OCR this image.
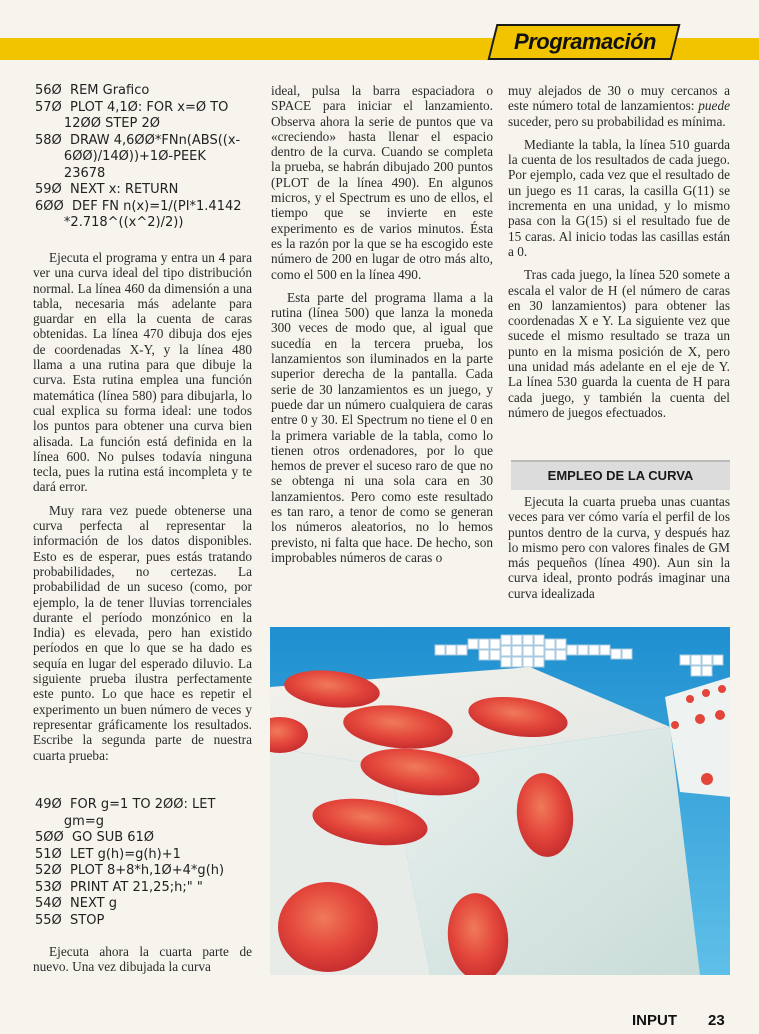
Programación
56Ø  REM Grafico
57Ø  PLOT 4,1Ø: FOR x=Ø TO
12ØØ STEP 2Ø
58Ø  DRAW 4,6ØØ*FNn(ABS((x-
6ØØ)/14Ø))+1Ø-PEEK
23678
59Ø  NEXT x: RETURN
6ØØ  DEF FN n(x)=1/(PI*1.4142
*2.718^((x^2)/2))

Ejecuta el programa y entra un 4 para ver una curva ideal del tipo distribución normal. La línea 460 da dimensión a una tabla, necesaria más adelante para guardar en ella la cuenta de caras obtenidas. La línea 470 dibuja dos ejes de coordenadas X-Y, y la línea 480 llama a una rutina para que dibuje la curva. Esta rutina emplea una función matemática (línea 580) para dibujarla, lo cual explica su forma ideal: une todos los puntos para obtener una curva bien alisada. La función está definida en la línea 600. No pulses todavía ninguna tecla, pues la rutina está incompleta y te dará error.

Muy rara vez puede obtenerse una curva perfecta al representar la información de los datos disponibles. Esto es de esperar, pues estás tratando probabilidades, no certezas. La probabilidad de un suceso (como, por ejemplo, la de tener lluvias torrenciales durante el período monzónico en la India) es elevada, pero han existido períodos en que lo que se ha dado es sequía en lugar del esperado diluvio. La siguiente prueba ilustra perfectamente este punto. Lo que hace es repetir el experimento un buen número de veces y representar gráficamente los resultados. Escribe la segunda parte de nuestra cuarta prueba:

49Ø  FOR g=1 TO 2ØØ: LET
gm=g
5ØØ  GO SUB 61Ø
51Ø  LET g(h)=g(h)+1
52Ø  PLOT 8+8*h,1Ø+4*g(h)
53Ø  PRINT AT 21,25;h;" "
54Ø  NEXT g
55Ø  STOP

Ejecuta ahora la cuarta parte de nuevo. Una vez dibujada la curva

ideal, pulsa la barra espaciadora o SPACE para iniciar el lanzamiento. Observa ahora la serie de puntos que va «creciendo» hasta llenar el espacio dentro de la curva. Cuando se completa la prueba, se habrán dibujado 200 puntos (PLOT de la línea 490). En algunos micros, y el Spectrum es uno de ellos, el tiempo que se invierte en este experimento es de varios minutos. Ésta es la razón por la que se ha escogido este número de 200 en lugar de otro más alto, como el 500 en la línea 490.

Esta parte del programa llama a la rutina (línea 500) que lanza la moneda 300 veces de modo que, al igual que sucedía en la tercera prueba, los lanzamientos son iluminados en la parte superior derecha de la pantalla. Cada serie de 30 lanzamientos es un juego, y puede dar un número cualquiera de caras entre 0 y 30. El Spectrum no tiene el 0 en la primera variable de la tabla, como lo tienen otros ordenadores, por lo que hemos de prever el suceso raro de que no se obtenga ni una sola cara en 30 lanzamientos. Pero como este resultado es tan raro, a tenor de como se generan los números aleatorios, no lo hemos previsto, ni falta que hace. De hecho, son improbables números de caras o

muy alejados de 30 o muy cercanos a este número total de lanzamientos: puede suceder, pero su probabilidad es mínima.

Mediante la tabla, la línea 510 guarda la cuenta de los resultados de cada juego. Por ejemplo, cada vez que el resultado de un juego es 11 caras, la casilla G(11) se incrementa en una unidad, y lo mismo pasa con la G(15) si el resultado fue de 15 caras. Al inicio todas las casillas están a 0.

Tras cada juego, la línea 520 somete a escala el valor de H (el número de caras en 30 lanzamientos) para obtener las coordenadas X e Y. La siguiente vez que sucede el mismo resultado se traza un punto en la misma posición de X, pero una unidad más adelante en el eje de Y. La línea 530 guarda la cuenta de H para cada juego, y también la cuenta del número de juegos efectuados.

EMPLEO DE LA CURVA

Ejecuta la cuarta prueba unas cuantas veces para ver cómo varía el perfil de los puntos dentro de la curva, y después haz lo mismo pero con valores finales de GM más pequeños (línea 490). Aun sin la curva ideal, pronto podrás imaginar una curva idealizada

INPUT 23
